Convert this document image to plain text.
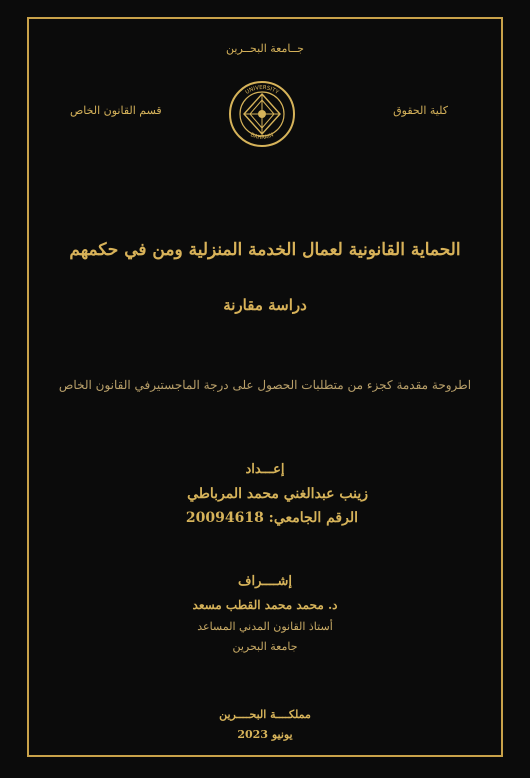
جــامعة البحــرين
كلية الحقوق
قسم القانون الخاص
UNIVERSITY
BAHRAIN
الحماية القانونية لعمال الخدمة المنزلية ومن في حكمهم
دراسة مقارنة
اطروحة مقدمة كجزء من متطلبات الحصول على درجة الماجستيرفي القانون الخاص
إعـــداد
زينب عبدالغني محمد المرباطي
الرقم الجامعي: 20094618
إشــــراف
د. محمد محمد القطب مسعد
أستاذ القانون المدني المساعد
جامعة البحرين
مملكــــة البحــــرين
يونيو 2023
